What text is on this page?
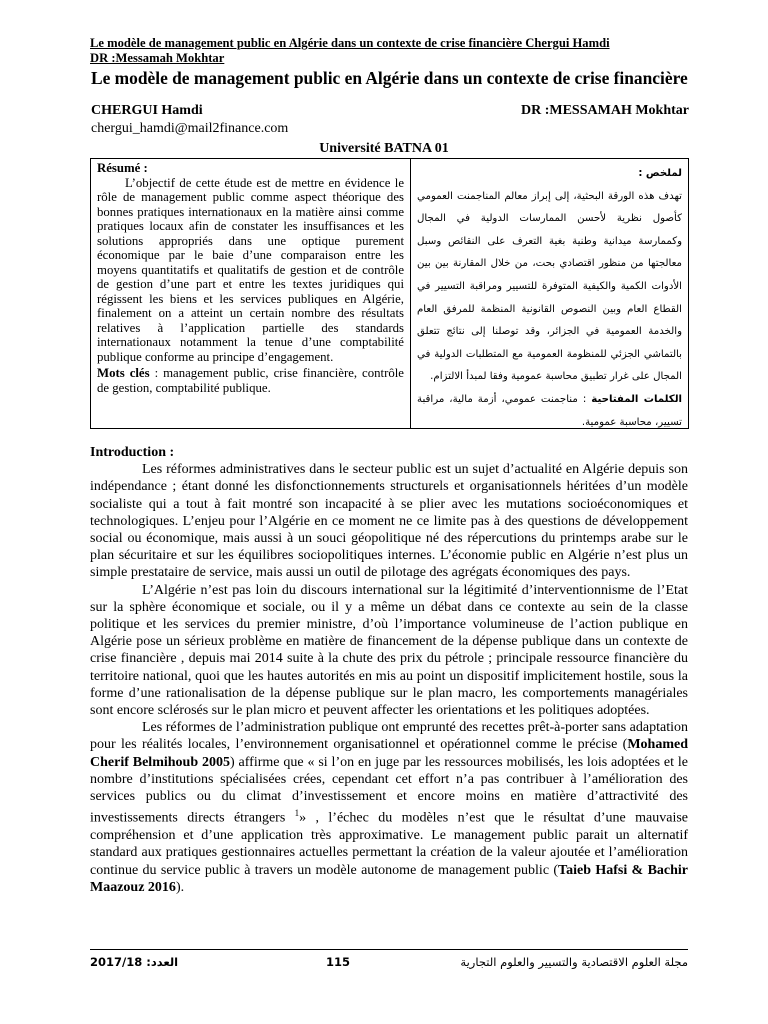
Le modèle de management public en Algérie dans un contexte de crise financière Chergui Hamdi
DR :Messamah Mokhtar
Le modèle de management public en Algérie dans un contexte de crise financière
CHERGUI Hamdi	DR :MESSAMAH Mokhtar
chergui_hamdi@mail2finance.com
Université BATNA 01
Résumé :

L’objectif de cette étude est de mettre en évidence le rôle de management public comme aspect théorique des bonnes pratiques internationaux en la matière ainsi comme pratiques locaux afin de constater les insuffisances et les solutions appropriés dans une optique purement économique par le baie d’une comparaison entre les moyens quantitatifs et qualitatifs de gestion et de contrôle de gestion d’une part et entre les textes juridiques qui régissent les biens et les services publiques en Algérie, finalement on a atteint un certain nombre des résultats relatives à l’application partielle des standards internationaux notamment la tenue d’une comptabilité publique conforme au principe d’engagement.

Mots clés : management public, crise financière, contrôle de gestion, comptabilité publique.

لملخص :

تهدف هذه الورقة البحثية، إلى إبراز معالم المناجمنت العمومي كأصول نظرية لأحسن الممارسات الدولية في المجال وكممارسة ميدانية وطنية بغية التعرف على النقائص وسبل معالجتها من منظور اقتصادي بحت، من خلال المقارنة بين بين الأدوات الكمية والكيفية المتوفرة للتسيير ومراقبة التسيير في القطاع العام وبين النصوص القانونية المنظمة للمرفق العام والخدمة العمومية في الجزائر، وقد توصلنا إلى نتائج تتعلق بالتماشي الجزئي للمنظومة العمومية مع المتطلبات الدولية في المجال على غرار تطبيق محاسبة عمومية وفقا لمبدأ الالتزام.

الكلمات المفتاحية : مناجمنت عمومي، أزمة مالية، مراقبة تسيير، محاسبة عمومية.

Introduction :

Les réformes administratives dans le secteur public est un sujet d’actualité en Algérie depuis son indépendance ; étant donné les disfonctionnements structurels et organisationnels héritées d’un modèle socialiste qui a tout à fait montré son incapacité à se plier avec les mutations socioéconomiques et technologiques. L’enjeu pour l’Algérie en ce moment ne ce limite pas à des questions de développement social ou économique, mais aussi à un souci géopolitique né des répercutions du printemps arabe sur le plan sécuritaire et sur les équilibres sociopolitiques internes. L’économie public en Algérie n’est plus un simple prestataire de service, mais aussi un outil de pilotage des agrégats économiques des pays.

L’Algérie n’est pas loin du discours international sur la légitimité d’interventionnisme de l’Etat sur la sphère économique et sociale, ou il y a même un débat dans ce contexte au sein de la classe politique et les services du premier ministre, d’où l’importance volumineuse de l’action publique en Algérie pose un sérieux problème en matière de financement de la dépense publique dans un contexte de crise financière , depuis mai 2014 suite à la chute des prix du pétrole ; principale ressource financière du territoire national, quoi que les hautes autorités en mis au point un dispositif implicitement hostile, sous la forme d’une rationalisation de la dépense publique sur le plan macro, les comportements managériales sont encore sclérosés sur le plan micro et peuvent affecter les orientations et les politiques adoptées.

Les réformes de l’administration publique ont emprunté des recettes prêt-à-porter sans adaptation pour les réalités locales, l’environnement organisationnel et opérationnel comme le précise (Mohamed Cherif Belmihoub 2005) affirme que « si l’on en juge par les ressources mobilisés, les lois adoptées et le nombre d’institutions spécialisées crées, cependant cet effort n’a pas contribuer à l’amélioration des services publics ou du climat d’investissement et encore moins en matière d’attractivité des investissements directs étrangers $^1$» , l’échec du modèles n’est que le résultat d’une mauvaise compréhension et d’une application très approximative. Le management public parait un alternatif standard aux pratiques gestionnaires actuelles permettant la création de la valeur ajoutée et l’amélioration continue du service public à travers un modèle autonome de management public (Taieb Hafsi & Bachir Maazouz 2016).

العدد: 2017/18	115	مجلة العلوم الاقتصادية والتسيير والعلوم التجارية
